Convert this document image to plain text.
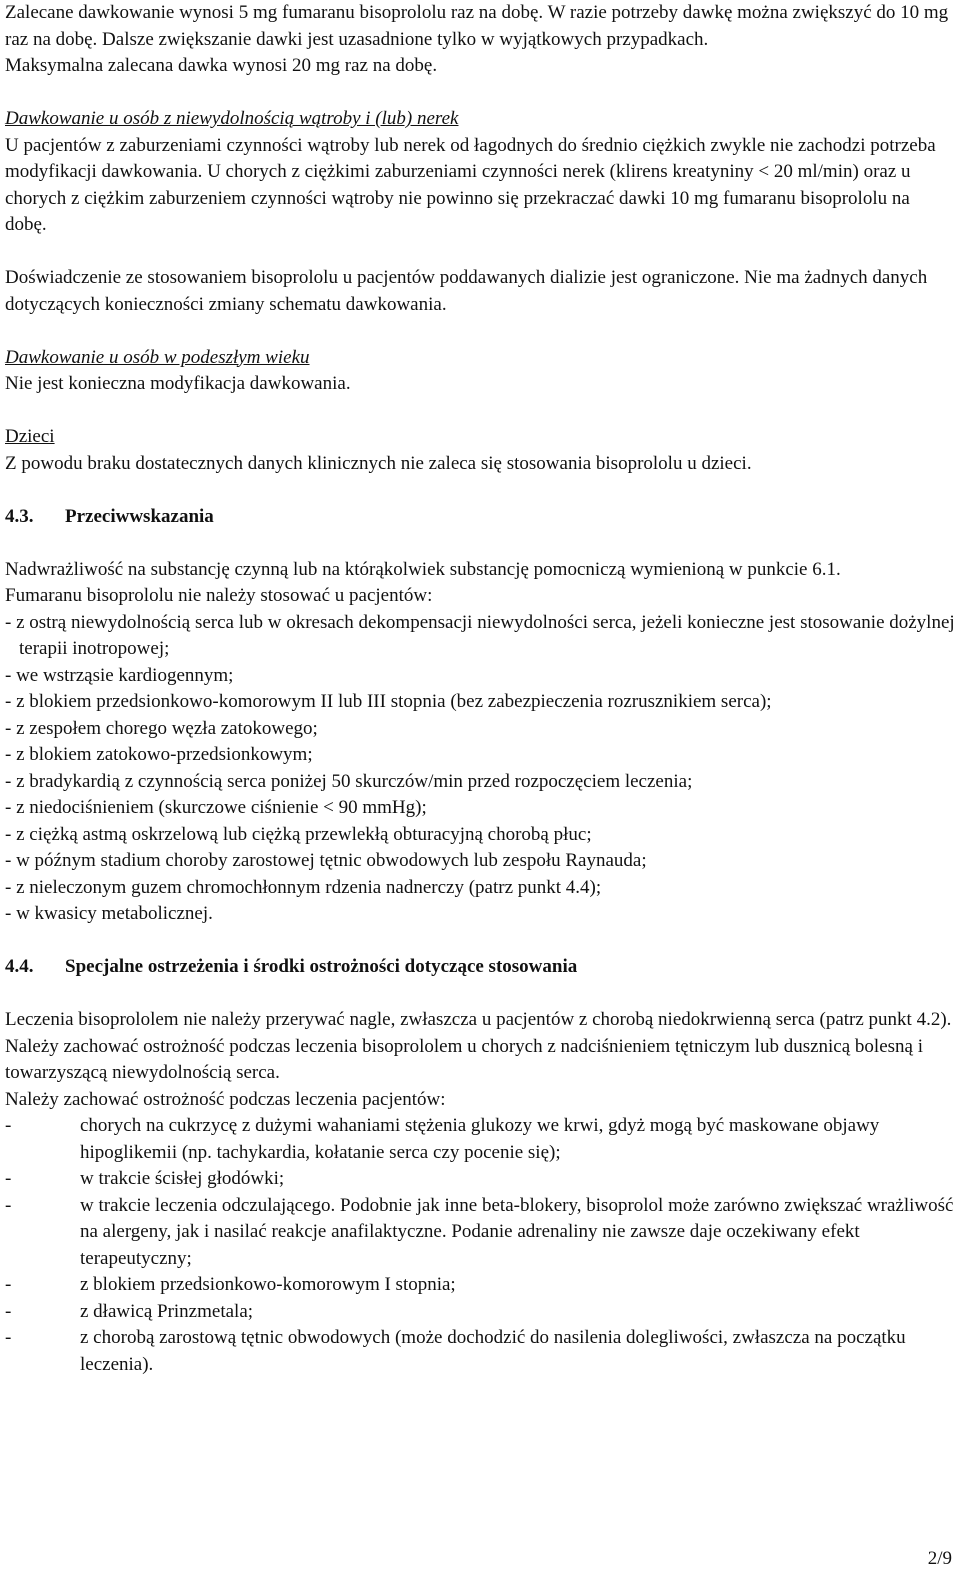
Zalecane dawkowanie wynosi 5 mg fumaranu bisoprololu raz na dobę. W razie potrzeby dawkę można zwiększyć do 10 mg raz na dobę. Dalsze zwiększanie dawki jest uzasadnione tylko w wyjątkowych przypadkach.

Maksymalna zalecana dawka wynosi 20 mg raz na dobę.

Dawkowanie u osób z niewydolnością wątroby i (lub) nerek

U pacjentów z zaburzeniami czynności wątroby lub nerek od łagodnych do średnio ciężkich zwykle nie zachodzi potrzeba modyfikacji dawkowania. U chorych z ciężkimi zaburzeniami czynności nerek (klirens kreatyniny < 20 ml/min) oraz u chorych z ciężkim zaburzeniem czynności wątroby nie powinno się przekraczać dawki 10 mg fumaranu bisoprololu na dobę.

Doświadczenie ze stosowaniem bisoprololu u pacjentów poddawanych dializie jest ograniczone. Nie ma żadnych danych dotyczących konieczności zmiany schematu dawkowania.

Dawkowanie u osób w podeszłym wieku

Nie jest konieczna modyfikacja dawkowania.

Dzieci

Z powodu braku dostatecznych danych klinicznych nie zaleca się stosowania bisoprololu u dzieci.

4.3.	Przeciwwskazania

Nadwrażliwość na substancję czynną lub na którąkolwiek substancję pomocniczą wymienioną w punkcie 6.1.

Fumaranu bisoprololu nie należy stosować u pacjentów:

- z ostrą niewydolnością serca lub w okresach dekompensacji niewydolności serca, jeżeli konieczne jest stosowanie dożylnej terapii inotropowej;

- we wstrząsie kardiogennym;

- z blokiem przedsionkowo-komorowym II lub III stopnia (bez zabezpieczenia rozrusznikiem serca);

- z zespołem chorego węzła zatokowego;

- z blokiem zatokowo-przedsionkowym;

- z bradykardią z czynnością serca poniżej 50 skurczów/min przed rozpoczęciem leczenia;

- z niedociśnieniem (skurczowe ciśnienie < 90 mmHg);

- z ciężką astmą oskrzelową lub ciężką przewlekłą obturacyjną chorobą płuc;

- w późnym stadium choroby zarostowej tętnic obwodowych lub zespołu Raynauda;

- z nieleczonym guzem chromochłonnym rdzenia nadnerczy (patrz punkt 4.4);

- w kwasicy metabolicznej.

4.4.	Specjalne ostrzeżenia i środki ostrożności dotyczące stosowania

Leczenia bisoprololem nie należy przerywać nagle, zwłaszcza u pacjentów z chorobą niedokrwienną serca (patrz punkt 4.2).

Należy zachować ostrożność podczas leczenia bisoprololem u chorych z nadciśnieniem tętniczym lub dusznicą bolesną i towarzyszącą niewydolnością serca.

Należy zachować ostrożność podczas leczenia pacjentów:

-	chorych na cukrzycę z dużymi wahaniami stężenia glukozy we krwi, gdyż mogą być maskowane objawy hipoglikemii (np. tachykardia, kołatanie serca czy pocenie się);
-	w trakcie ścisłej głodówki;
-	w trakcie leczenia odczulającego. Podobnie jak inne beta-blokery, bisoprolol może zarówno zwiększać wrażliwość na alergeny, jak i nasilać reakcje anafilaktyczne. Podanie adrenaliny nie zawsze daje oczekiwany efekt terapeutyczny;
-	z blokiem przedsionkowo-komorowym I stopnia;
-	z dławicą Prinzmetala;
-	z chorobą zarostową tętnic obwodowych (może dochodzić do nasilenia dolegliwości, zwłaszcza na początku leczenia).
2/9
